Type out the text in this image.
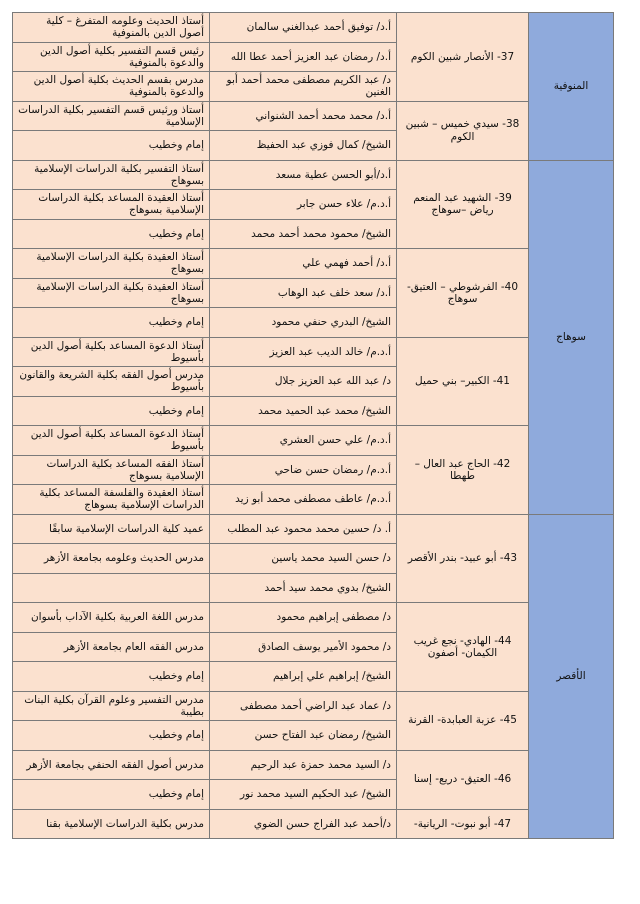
المنوفية	37- الأنصار شبين الكوم	أ.د/ توفيق أحمد عبدالغني سالمان	أستاذ الحديث وعلومه المتفرغ – كلية أصول الدين بالمنوفية
		أ.د/ رمضان عبد العزيز أحمد عطا الله	رئيس قسم التفسير بكلية أصول الدين والدعوة بالمنوفية
		د/ عبد الكريم مصطفى محمد أحمد أبو الغنين	مدرس بقسم الحديث بكلية أصول الدين والدعوة بالمنوفية
	38- سيدي خميس – شبين الكوم	أ.د/ محمد محمد أحمد الشنواني	أستاذ ورئيس قسم التفسير بكلية الدراسات الإسلامية
		الشيخ/ كمال فوزي عبد الحفيظ	إمام وخطيب
سوهاج	39- الشهيد عبد المنعم رياض –سوهاج	أ.د/أبو الحسن عطية مسعد	أستاذ التفسير بكلية الدراسات الإسلامية بسوهاج
		أ.د.م/ علاء حسن جابر	أستاذ العقيدة المساعد بكلية الدراسات الإسلامية بسوهاج
		الشيخ/ محمود محمد أحمد محمد	إمام وخطيب
	40- الفرشوطي – العتيق- سوهاج	أ.د/ أحمد فهمي علي	أستاذ العقيدة بكلية الدراسات الإسلامية بسوهاج
		أ.د/ سعد خلف عبد الوهاب	أستاذ العقيدة بكلية الدراسات الإسلامية بسوهاج
		الشيخ/ البدري حنفي محمود	إمام وخطيب
	41- الكبير– بني حميل	أ.د.م/ خالد الديب عبد العزيز	أستاذ الدعوة المساعد بكلية أصول الدين بأسيوط
		د/ عبد الله عبد العزيز جلال	مدرس أصول الفقه بكلية الشريعة والقانون بأسيوط
		الشيخ/ محمد عبد الحميد محمد	إمام وخطيب
	42- الحاج عبد العال – طهطا	أ.د.م/ علي حسن العشري	أستاذ الدعوة المساعد بكلية أصول الدين بأسيوط
		أ.د.م/ رمضان حسن ضاحي	أستاذ الفقه المساعد بكلية الدراسات الإسلامية بسوهاج
		أ.د.م/ عاطف مصطفى محمد أبو زيد	أستاذ العقيدة والفلسفة المساعد بكلية الدراسات الإسلامية بسوهاج
الأقصر	43- أبو عبيد- بندر الأقصر	أ. د/ حسين محمد محمود عبد المطلب	عميد كلية الدراسات الإسلامية سابقًا
		د/ حسن السيد محمد ياسين	مدرس الحديث وعلومه بجامعة الأزهر
		الشيخ/ بدوي محمد سيد أحمد	
	44- الهادي- نجع غريب الكيمان- أصفون	د/ مصطفى إبراهيم محمود	مدرس اللغة العربية بكلية الآداب بأسوان
		د/ محمود الأمير يوسف الصادق	مدرس الفقه العام بجامعة الأزهر
		الشيخ/ إبراهيم علي إبراهيم	إمام وخطيب
	45- عزبة العبابدة- القرنة	د/ عماد عبد الراضي أحمد مصطفى	مدرس التفسير وعلوم القرآن بكلية البنات بطيبة
		الشيخ/ رمضان عبد الفتاح حسن	إمام وخطيب
	46- العتيق- دريع- إسنا	د/ السيد محمد حمزة عبد الرحيم	مدرس أصول الفقه الحنفي بجامعة الأزهر
		الشيخ/ عبد الحكيم السيد محمد نور	إمام وخطيب
	47- أبو نبوت- الريانية-	د/أحمد عبد الفراج حسن الضوي	مدرس بكلية الدراسات الإسلامية بقنا
